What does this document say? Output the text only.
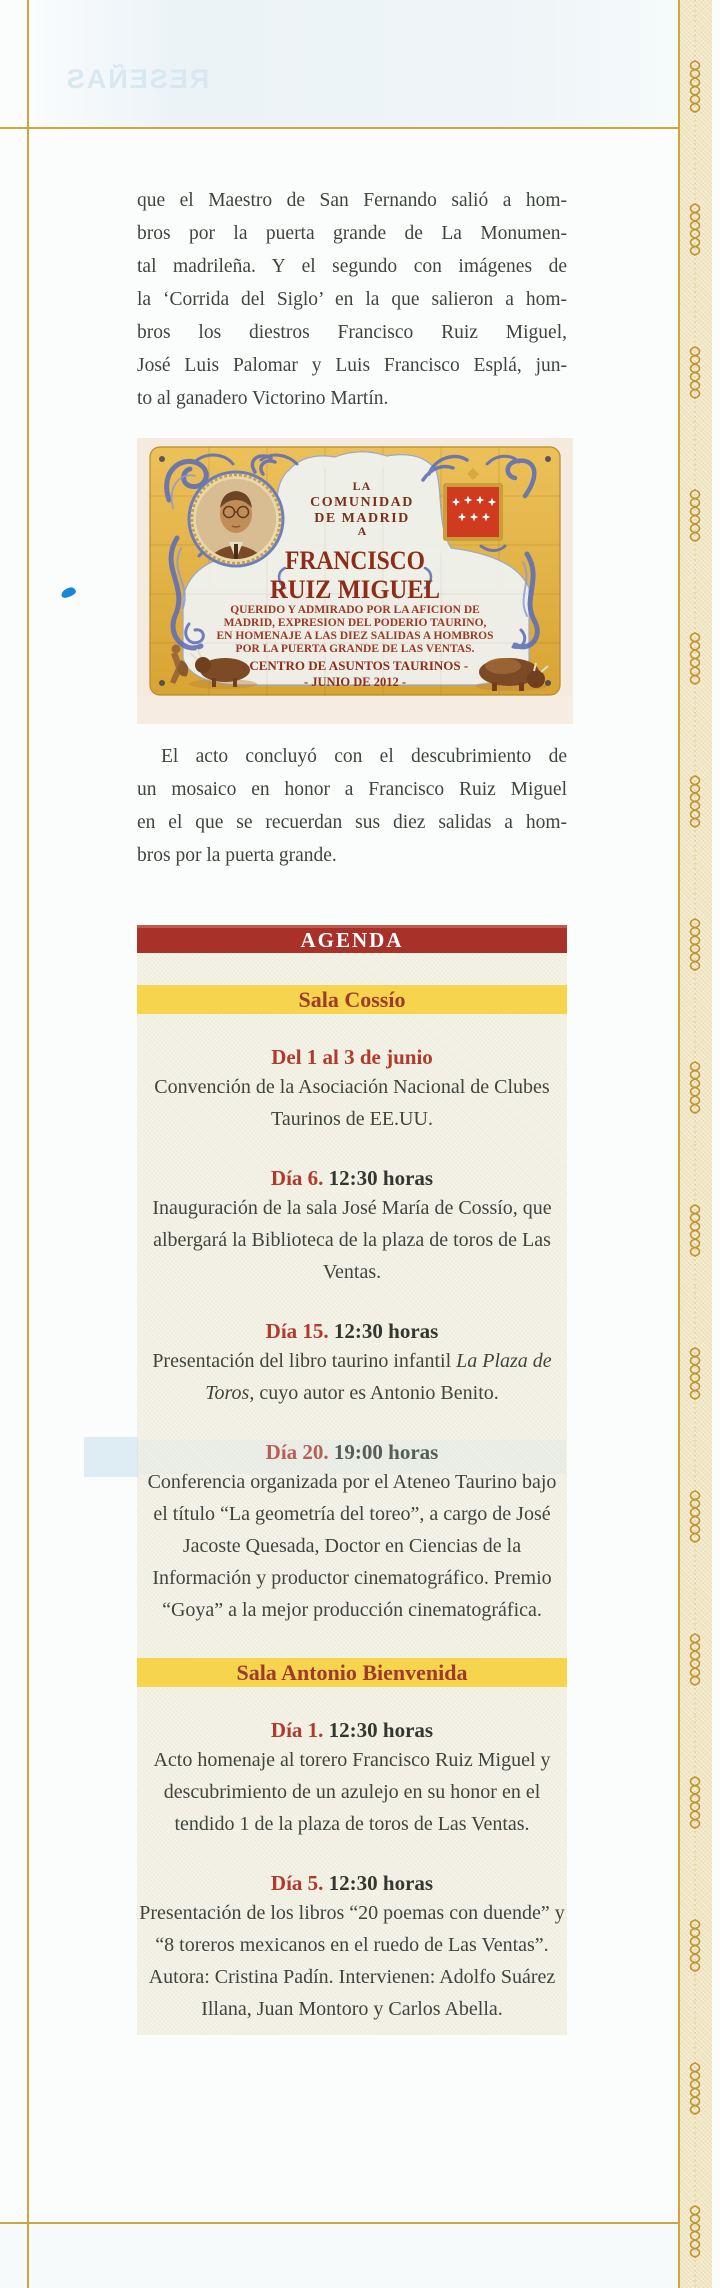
RESEÑAS
que el Maestro de San Fernando salió a hom-
bros por la puerta grande de La Monumen-
tal madrileña. Y el segundo con imágenes de
la ‘Corrida del Siglo’ en la que salieron a hom-
bros los diestros Francisco Ruiz Miguel,
José Luis Palomar y Luis Francisco Esplá, jun-
to al ganadero Victorino Martín.
LA
COMUNIDAD
DE MADRID
A
FRANCISCO
RUIZ MIGUEL
QUERIDO Y ADMIRADO POR LA AFICION DE
MADRID, EXPRESION DEL PODERIO TAURINO,
EN HOMENAJE A LAS DIEZ SALIDAS A HOMBROS
POR LA PUERTA GRANDE DE LAS VENTAS.
- CENTRO DE ASUNTOS TAURINOS -
- JUNIO DE 2012 -
El acto concluyó con el descubrimiento de
un mosaico en honor a Francisco Ruiz Miguel
en el que se recuerdan sus diez salidas a hom-
bros por la puerta grande.
AGENDA
Sala Cossío
Del 1 al 3 de junio
Convención de la Asociación Nacional de Clubes Taurinos de EE.UU.
Día 6. 12:30 horas
Inauguración de la sala José María de Cossío, que albergará la Biblioteca de la plaza de toros de Las Ventas.
Día 15. 12:30 horas
Presentación del libro taurino infantil La Plaza de Toros, cuyo autor es Antonio Benito.
Día 20. 19:00 horas
Conferencia organizada por el Ateneo Taurino bajo el título “La geometría del toreo”, a cargo de José Jacoste Quesada, Doctor en Ciencias de la Información y productor cinematográfico. Premio “Goya” a la mejor producción cinematográfica.
Sala Antonio Bienvenida
Día 1. 12:30 horas
Acto homenaje al torero Francisco Ruiz Miguel y descubrimiento de un azulejo en su honor en el tendido 1 de la plaza de toros de Las Ventas.
Día 5. 12:30 horas
Presentación de los libros “20 poemas con duende” y “8 toreros mexicanos en el ruedo de Las Ventas”. Autora: Cristina Padín. Intervienen: Adolfo Suárez Illana, Juan Montoro y Carlos Abella.
